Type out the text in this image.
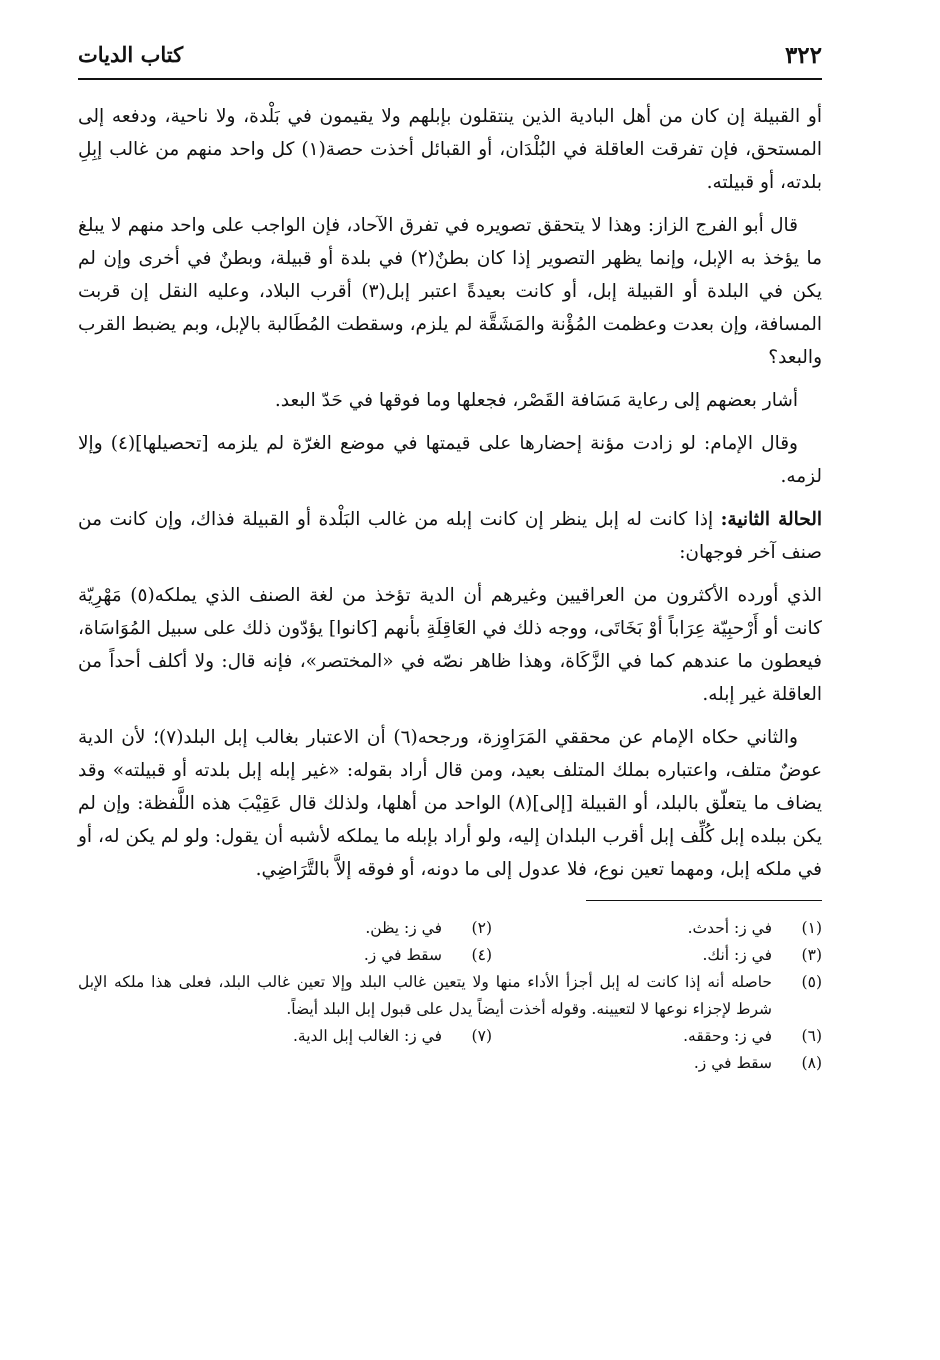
٣٢٢
كتاب الديات

أو القبيلة إن كان من أهل البادية الذين ينتقلون بإبلهم ولا يقيمون في بَلْدة، ولا ناحية، ودفعه إلى المستحق، فإن تفرقت العاقلة في البُلْدَان، أو القبائل أخذت حصة(١) كل واحد منهم من غالب إبِلِ بلدته، أو قبيلته.

قال أبو الفرج الزاز: وهذا لا يتحقق تصويره في تفرق الآحاد، فإن الواجب على واحد منهم لا يبلغ ما يؤخذ به الإبل، وإنما يظهر التصوير إذا كان بطنٌ(٢) في بلدة أو قبيلة، وبطنٌ في أخرى وإن لم يكن في البلدة أو القبيلة إبل، أو كانت بعيدةً اعتبر إبل(٣) أقرب البلاد، وعليه النقل إن قربت المسافة، وإن بعدت وعظمت المُؤْنة والمَشَقَّة لم يلزم، وسقطت المُطَالبة بالإبل، وبم يضبط القرب والبعد؟

أشار بعضهم إلى رعاية مَسَافة القَصْر، فجعلها وما فوقها في حَدّ البعد.

وقال الإمام: لو زادت مؤنة إحضارها على قيمتها في موضع الغرّة لم يلزمه [تحصيلها](٤) وإلا لزمه.

الحالة الثانية: إذا كانت له إبل ينظر إن كانت إبله من غالب البَلْدة أو القبيلة فذاك، وإن كانت من صنف آخر فوجهان:

الذي أورده الأكثرون من العراقيين وغيرهم أن الدية تؤخذ من لغة الصنف الذي يملكه(٥) مَهْرِيّة كانت أو أَرْحبِيّة عِرَاباً أوْ بَخَاتَى، ووجه ذلك في العَاقِلَةِ بأنهم [كانوا] يؤدّون ذلك على سبيل المُوَاسَاة، فيعطون ما عندهم كما في الزَّكَاة، وهذا ظاهر نصّه في «المختصر»، فإنه قال: ولا أكلف أحداً من العاقلة غير إبله.

والثاني حكاه الإمام عن محققي المَرَاوِزة، ورجحه(٦) أن الاعتبار بغالب إبل البلد(٧)؛ لأن الدية عوضٌ متلف، واعتباره بملك المتلف بعيد، ومن قال أراد بقوله: «غير إبله إبل بلدته أو قبيلته» وقد يضاف ما يتعلّق بالبلد، أو القبيلة [إلى](٨) الواحد من أهلها، ولذلك قال عَقِيْبَ هذه اللَّفظة: وإن لم يكن ببلده إبل كُلِّف إبل أقرب البلدان إليه، ولو أراد بإبله ما يملكه لأشبه أن يقول: ولو لم يكن له، أو في ملكه إبل، ومهما تعين نوع، فلا عدول إلى ما دونه، أو فوقه إلاَّ بالتَّرَاضِي.

(١)
في ز: أحدث.
(٢)
في ز: يظن.
(٣)
في ز: أنك.
(٤)
سقط في ز.
(٥)
حاصله أنه إذا كانت له إبل أجزأ الأداء منها ولا يتعين غالب البلد وإلا تعين غالب البلد، فعلى هذا ملكه الإبل شرط لإجزاء نوعها لا لتعيينه. وقوله أخذت أيضاً يدل على قبول إبل البلد أيضاً.
(٦)
في ز: وحققه.
(٧)
في ز: الغالب إبل الدية.
(٨)
سقط في ز.
